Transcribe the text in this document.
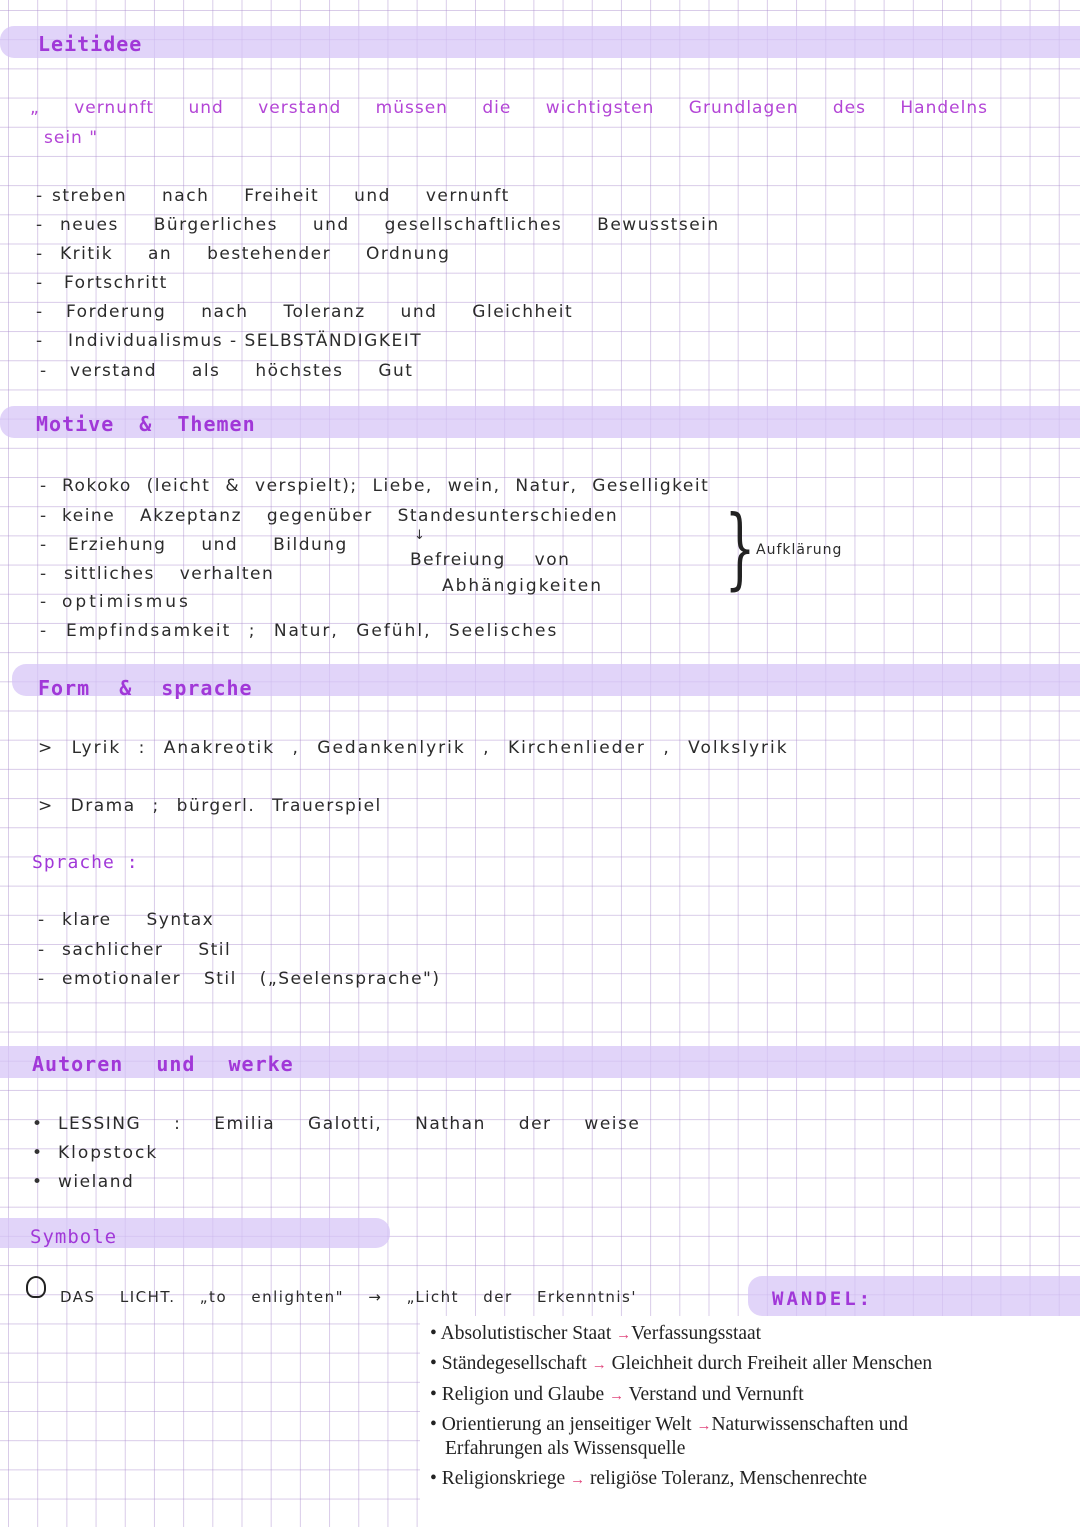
Leitidee
„ vernunft und verstand müssen die wichtigsten Grundlagen des Handelns
sein "
- streben nach Freiheit und vernunft
- neues Bürgerliches und gesellschaftliches Bewusstsein
- Kritik an bestehender Ordnung
- Fortschritt
- Forderung nach Toleranz und Gleichheit
- Individualismus - SELBSTÄNDIGKEIT
- verstand als höchstes Gut
Motive & Themen
- Rokoko (leicht & verspielt); Liebe, wein, Natur, Geselligkeit
- keine Akzeptanz gegenüber Standesunterschieden
- Erziehung und Bildung
- sittliches verhalten
- optimismus
- Empfindsamkeit ; Natur, Gefühl, Seelisches
↓
Befreiung von
Abhängigkeiten } Aufklärung
Form & sprache
> Lyrik : Anakreotik , Gedankenlyrik , Kirchenlieder , Volkslyrik
> Drama ; bürgerl. Trauerspiel
Sprache :
- klare Syntax
- sachlicher Stil
- emotionaler Stil („Seelensprache")
Autoren und werke
• LESSING : Emilia Galotti, Nathan der weise
• Klopstock
• wieland
Symbole
DAS LICHT. „to enlighten" → „Licht der Erkenntnis'	WANDEL:
• Absolutistischer Staat →Verfassungsstaat
• Ständegesellschaft → Gleichheit durch Freiheit aller Menschen
• Religion und Glaube → Verstand und Vernunft
• Orientierung an jenseitiger Welt →Naturwissenschaften und
Erfahrungen als Wissensquelle
• Religionskriege → religiöse Toleranz, Menschenrechte
